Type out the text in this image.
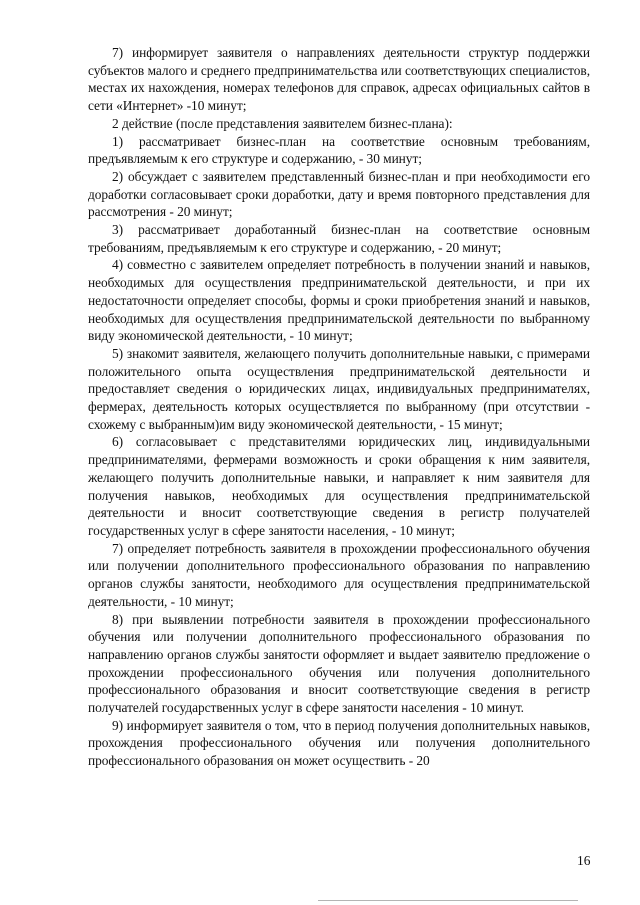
7) информирует заявителя о направлениях деятельности структур поддержки субъектов малого и среднего предпринимательства или соответствующих специалистов, местах их нахождения, номерах телефонов для справок, адресах официальных сайтов в сети «Интернет» -10 минут;

2 действие (после представления заявителем бизнес-плана):

1) рассматривает бизнес-план на соответствие основным требованиям, предъявляемым к его структуре и содержанию, - 30 минут;

2) обсуждает с заявителем представленный бизнес-план и при необходимости его доработки согласовывает сроки доработки, дату и время повторного представления для рассмотрения - 20 минут;

3) рассматривает доработанный бизнес-план на соответствие основным требованиям, предъявляемым к его структуре и содержанию, - 20 минут;

4) совместно с заявителем определяет потребность в получении знаний и навыков, необходимых для осуществления предпринимательской деятельности, и при их недостаточности определяет способы, формы и сроки приобретения знаний и навыков, необходимых для осуществления предпринимательской деятельности по выбранному виду экономической деятельности, - 10 минут;

5) знакомит заявителя, желающего получить дополнительные навыки, с примерами положительного опыта осуществления предпринимательской деятельности и предоставляет сведения о юридических лицах, индивидуальных предпринимателях, фермерах, деятельность которых осуществляется по выбранному (при отсутствии - схожему с выбранным)им виду экономической деятельности, - 15 минут;

6) согласовывает с представителями юридических лиц, индивидуальными предпринимателями, фермерами возможность и сроки обращения к ним заявителя, желающего получить дополнительные навыки, и направляет к ним заявителя для получения навыков, необходимых для осуществления предпринимательской деятельности и вносит соответствующие сведения в регистр получателей государственных услуг в сфере занятости населения, - 10 минут;

7) определяет потребность заявителя в прохождении профессионального обучения или получении дополнительного профессионального образования по направлению органов службы занятости, необходимого для осуществления предпринимательской деятельности, - 10 минут;

8) при выявлении потребности заявителя в прохождении профессионального обучения или получении дополнительного профессионального образования по направлению органов службы занятости оформляет и выдает заявителю предложение о прохождении профессионального обучения или получения дополнительного профессионального образования и вносит соответствующие сведения в регистр получателей государственных услуг в сфере занятости населения - 10 минут.

9) информирует заявителя о том, что в период получения дополнительных навыков, прохождения профессионального обучения или получения дополнительного профессионального образования он может осуществить - 20

16
